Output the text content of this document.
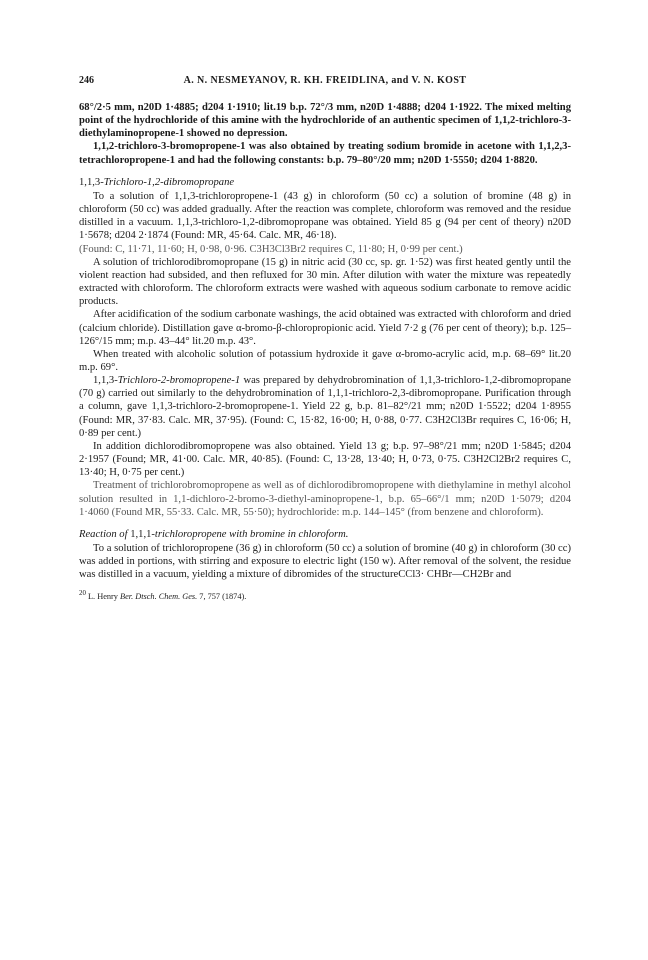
246	A. N. NESMEYANOV, R. KH. FREIDLINA, and V. N. KOST

68°/2·5 mm, n20D 1·4885; d204 1·1910; lit.19 b.p. 72°/3 mm, n20D 1·4888; d204 1·1922. The mixed melting point of the hydrochloride of this amine with the hydrochloride of an authentic specimen of 1,1,2-trichloro-3-diethylaminopropene-1 showed no depression.

1,1,2-trichloro-3-bromopropene-1 was also obtained by treating sodium bromide in acetone with 1,1,2,3-tetrachloropropene-1 and had the following constants: b.p. 79–80°/20 mm; n20D 1·5550; d204 1·8820.

1,1,3-Trichloro-1,2-dibromopropane

To a solution of 1,1,3-trichloropropene-1 (43 g) in chloroform (50 cc) a solution of bromine (48 g) in chloroform (50 cc) was added gradually. After the reaction was complete, chloroform was removed and the residue distilled in a vacuum. 1,1,3-trichloro-1,2-dibromopropane was obtained. Yield 85 g (94 per cent of theory) n20D 1·5678; d204 2·1874 (Found: MR, 45·64. Calc. MR, 46·18).

(Found: C, 11·71, 11·60; H, 0·98, 0·96. C3H3Cl3Br2 requires C, 11·80; H, 0·99 per cent.)

A solution of trichlorodibromopropane (15 g) in nitric acid (30 cc, sp. gr. 1·52) was first heated gently until the violent reaction had subsided, and then refluxed for 30 min. After dilution with water the mixture was repeatedly extracted with chloroform. The chloroform extracts were washed with aqueous sodium carbonate to remove acidic products.

After acidification of the sodium carbonate washings, the acid obtained was extracted with chloroform and dried (calcium chloride). Distillation gave α-bromo-β-chloropropionic acid. Yield 7·2 g (76 per cent of theory); b.p. 125–126°/15 mm; m.p. 43–44° lit.20 m.p. 43°.

When treated with alcoholic solution of potassium hydroxide it gave α-bromo-acrylic acid, m.p. 68–69° lit.20 m.p. 69°.

1,1,3-Trichloro-2-bromopropene-1 was prepared by dehydrobromination of 1,1,3-trichloro-1,2-dibromopropane (70 g) carried out similarly to the dehydrobromination of 1,1,1-trichloro-2,3-dibromopropane. Purification through a column, gave 1,1,3-trichloro-2-bromopropene-1. Yield 22 g, b.p. 81–82°/21 mm; n20D 1·5522; d204 1·8955 (Found: MR, 37·83. Calc. MR, 37·95). (Found: C, 15·82, 16·00; H, 0·88, 0·77. C3H2Cl3Br requires C, 16·06; H, 0·89 per cent.)

In addition dichlorodibromopropene was also obtained. Yield 13 g; b.p. 97–98°/21 mm; n20D 1·5845; d204 2·1957 (Found; MR, 41·00. Calc. MR, 40·85). (Found: C, 13·28, 13·40; H, 0·73, 0·75. C3H2Cl2Br2 requires C, 13·40; H, 0·75 per cent.)

Treatment of trichlorobromopropene as well as of dichlorodibromopropene with diethylamine in methyl alcohol solution resulted in 1,1-dichloro-2-bromo-3-diethyl-aminopropene-1, b.p. 65–66°/1 mm; n20D 1·5079; d204 1·4060 (Found MR, 55·33. Calc. MR, 55·50); hydrochloride: m.p. 144–145° (from benzene and chloroform).

Reaction of 1,1,1-trichloropropene with bromine in chloroform.

To a solution of trichloropropene (36 g) in chloroform (50 cc) a solution of bromine (40 g) in chloroform (30 cc) was added in portions, with stirring and exposure to electric light (150 w). After removal of the solvent, the residue was distilled in a vacuum, yielding a mixture of dibromides of the structureCCl3· CHBr—CH2Br and

$^{20}$ L. Henry Ber. Dtsch. Chem. Ges. 7, 757 (1874).
